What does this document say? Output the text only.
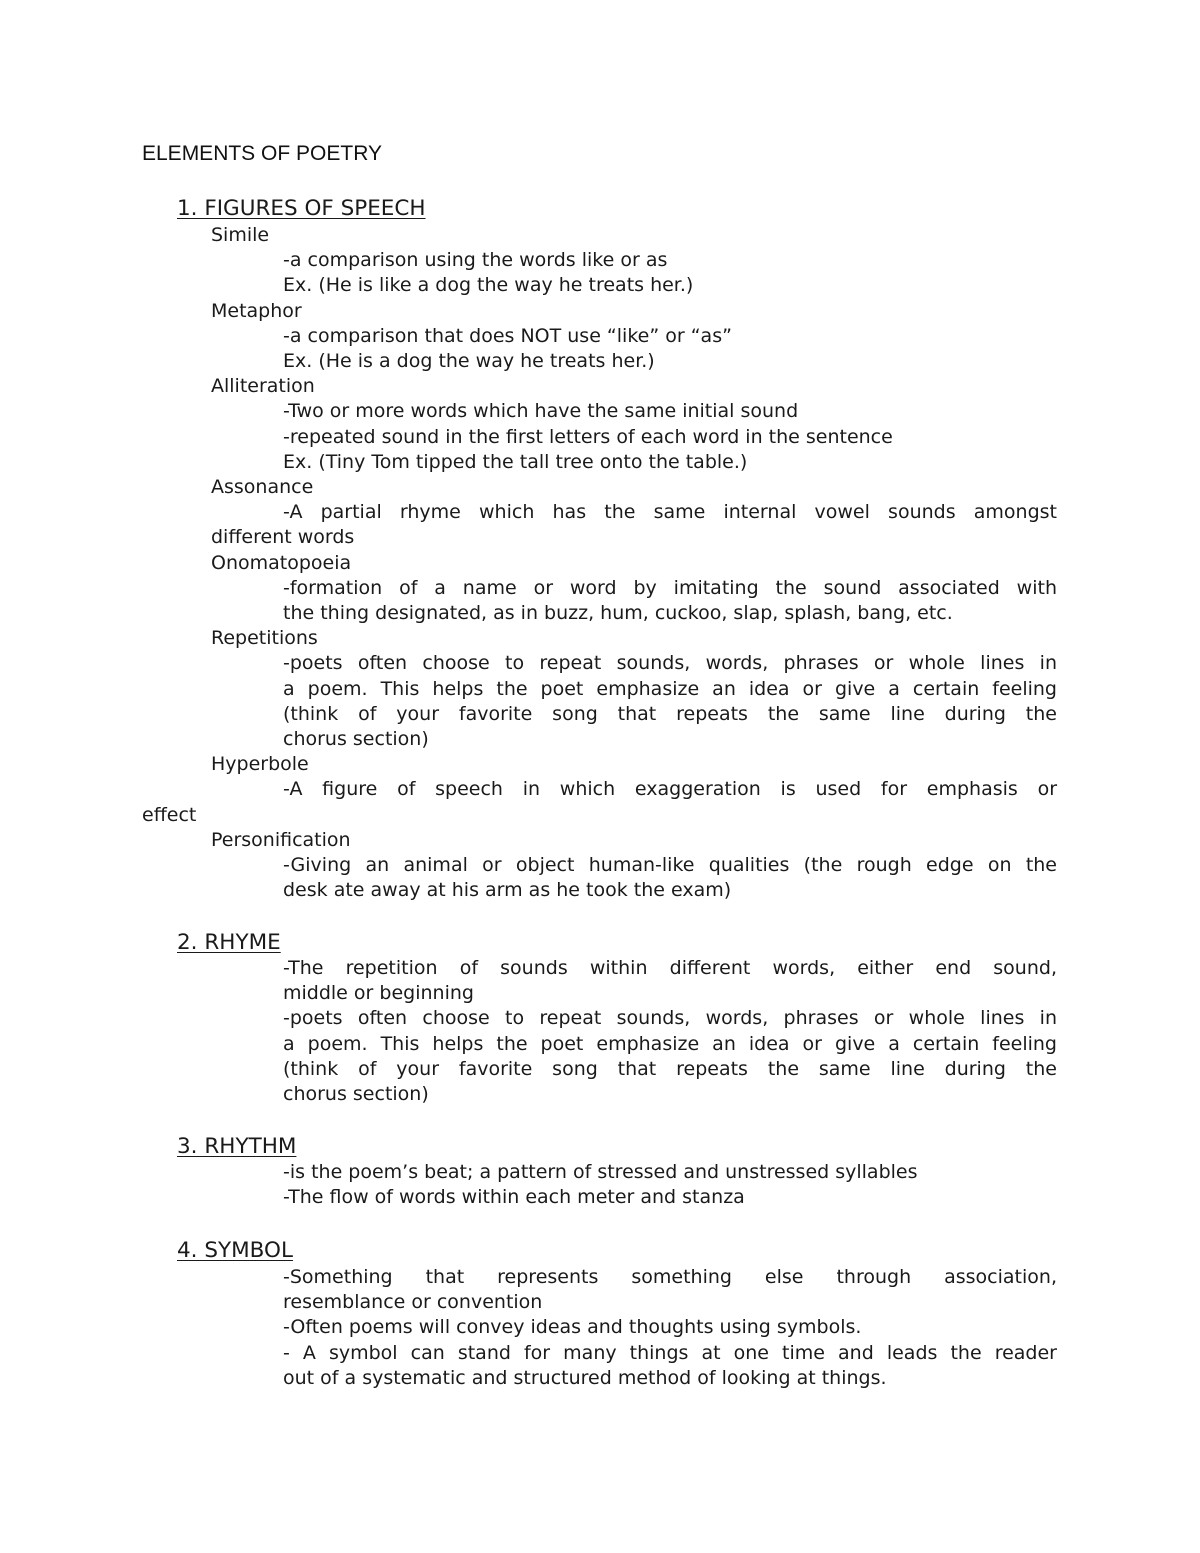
ELEMENTS OF POETRY
1. FIGURES OF SPEECH
Simile
-a comparison using the words like or as
Ex. (He is like a dog the way he treats her.)
Metaphor
-a comparison that does NOT use “like” or “as”
Ex. (He is a dog the way he treats her.)
Alliteration
-Two or more words which have the same initial sound
-repeated sound in the first letters of each word in the sentence
Ex. (Tiny Tom tipped the tall tree onto the table.)
Assonance
-A partial rhyme which has the same internal vowel sounds amongst
different words
Onomatopoeia
-formation of a name or word by imitating the sound associated with
the thing designated, as in buzz, hum, cuckoo, slap, splash, bang, etc.
Repetitions
-poets often choose to repeat sounds, words, phrases or whole lines in
a poem. This helps the poet emphasize an idea or give a certain feeling
(think of your favorite song that repeats the same line during the
chorus section)
Hyperbole
-A figure of speech in which exaggeration is used for emphasis or
effect
Personification
-Giving an animal or object human-like qualities (the rough edge on the
desk ate away at his arm as he took the exam)
2. RHYME
-The repetition of sounds within different words, either end sound,
middle or beginning
-poets often choose to repeat sounds, words, phrases or whole lines in
a poem. This helps the poet emphasize an idea or give a certain feeling
(think of your favorite song that repeats the same line during the
chorus section)
3. RHYTHM
-is the poem’s beat; a pattern of stressed and unstressed syllables
-The flow of words within each meter and stanza
4. SYMBOL
-Something that represents something else through association,
resemblance or convention
-Often poems will convey ideas and thoughts using symbols.
- A symbol can stand for many things at one time and leads the reader
out of a systematic and structured method of looking at things.
